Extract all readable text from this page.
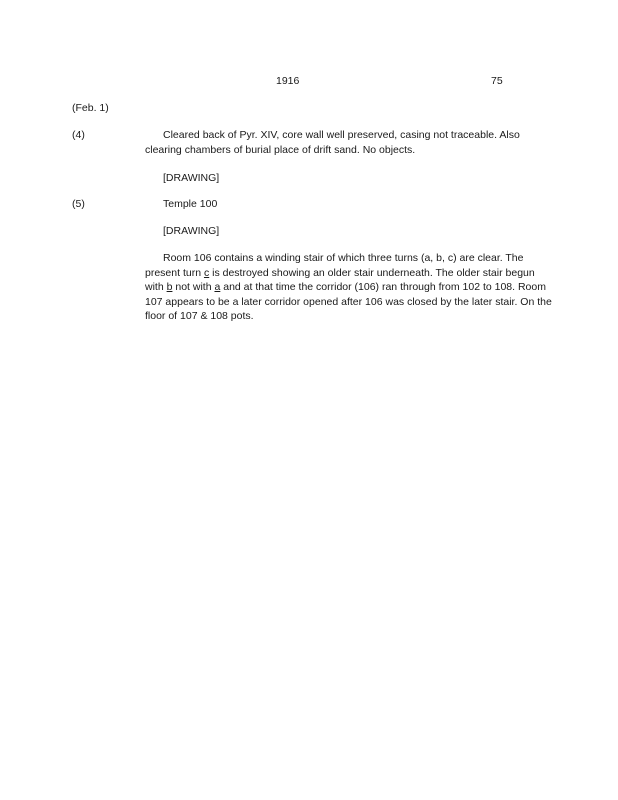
1916	75
(Feb. 1)
(4)	Cleared back of Pyr. XIV, core wall well preserved, casing not traceable. Also clearing chambers of burial place of drift sand. No objects.

[DRAWING]

(5)	Temple 100

[DRAWING]

Room 106 contains a winding stair of which three turns (a, b, c) are clear. The present turn c is destroyed showing an older stair underneath. The older stair begun with b not with a and at that time the corridor (106) ran through from 102 to 108. Room 107 appears to be a later corridor opened after 106 was closed by the later stair. On the floor of 107 & 108 pots.
